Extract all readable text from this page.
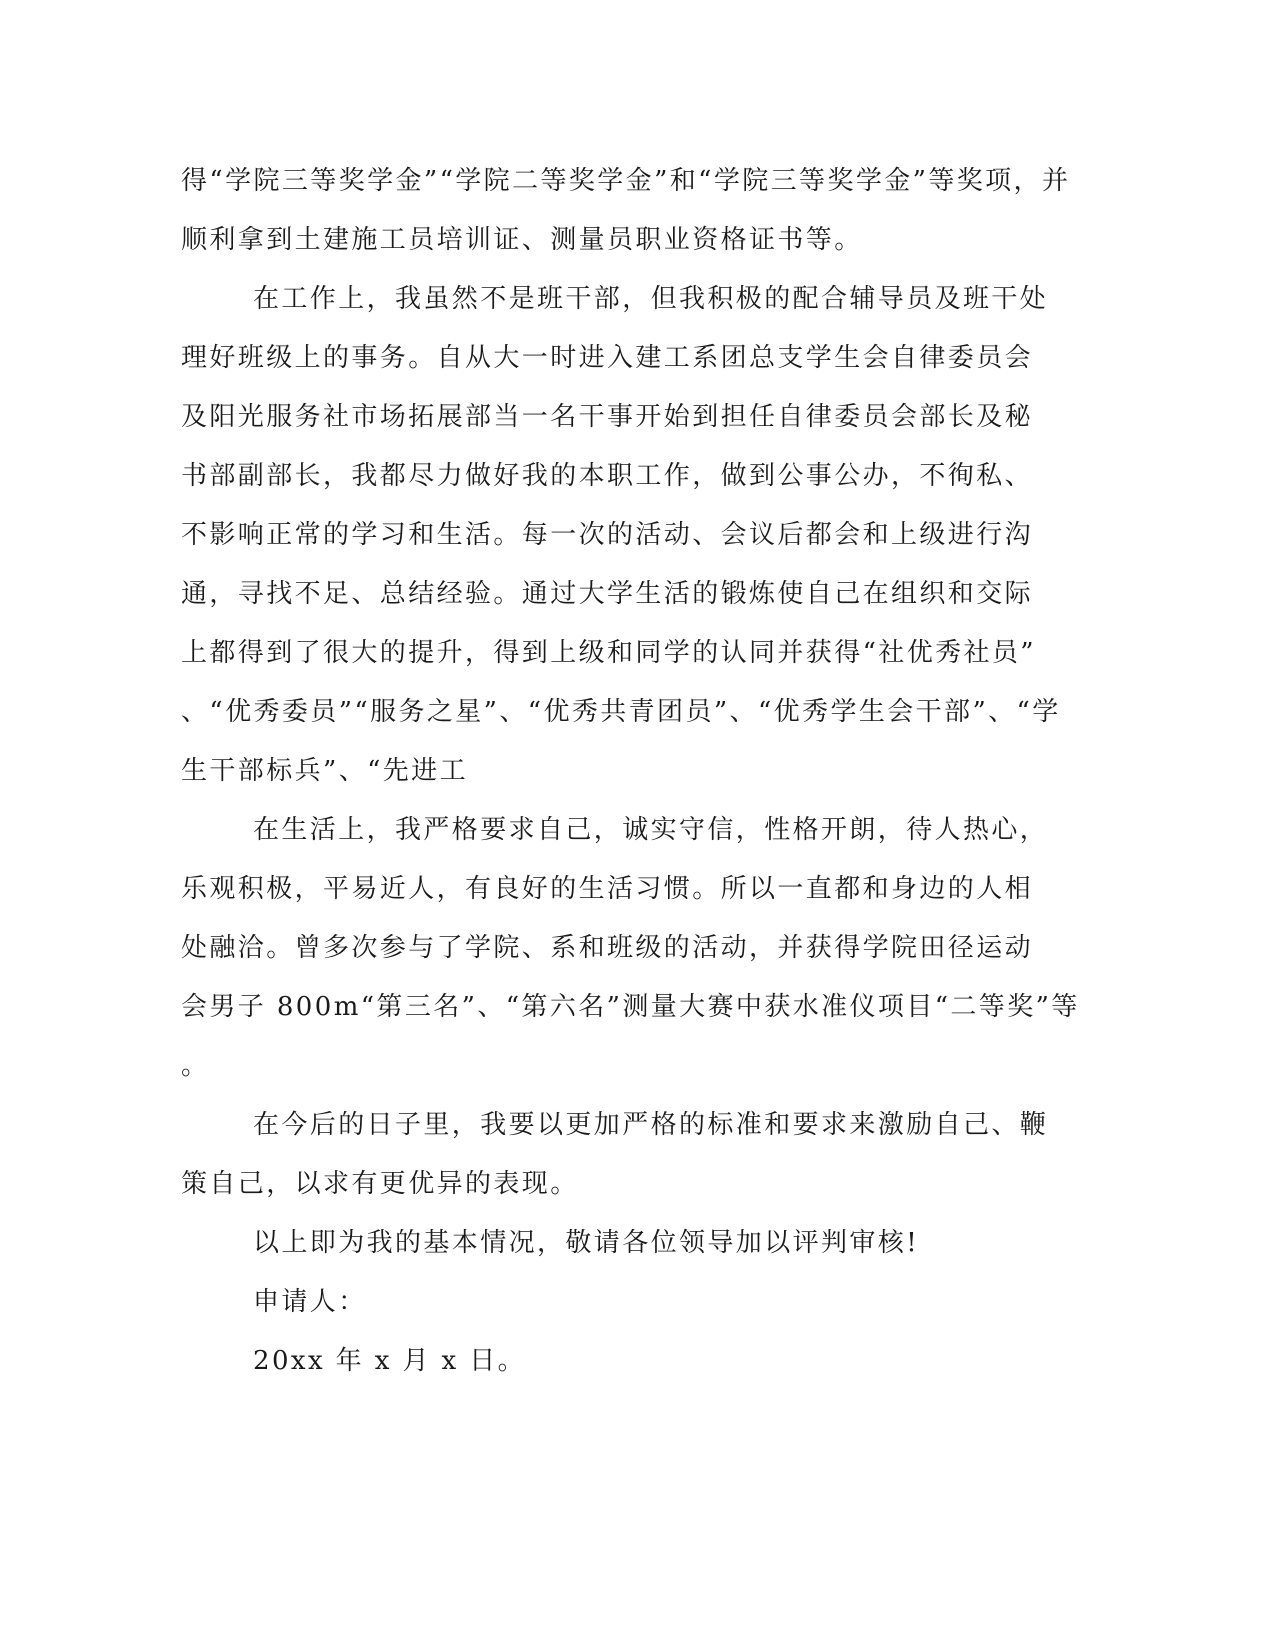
得“学院三等奖学金”“学院二等奖学金”和“学院三等奖学金”等奖项，并
顺利拿到土建施工员培训证、测量员职业资格证书等。
在工作上，我虽然不是班干部，但我积极的配合辅导员及班干处
理好班级上的事务。自从大一时进入建工系团总支学生会自律委员会
及阳光服务社市场拓展部当一名干事开始到担任自律委员会部长及秘
书部副部长，我都尽力做好我的本职工作，做到公事公办，不徇私、
不影响正常的学习和生活。每一次的活动、会议后都会和上级进行沟
通，寻找不足、总结经验。通过大学生活的锻炼使自己在组织和交际
上都得到了很大的提升，得到上级和同学的认同并获得“社优秀社员”
、“优秀委员”“服务之星”、“优秀共青团员”、“优秀学生会干部”、“学
生干部标兵”、“先进工
在生活上，我严格要求自己，诚实守信，性格开朗，待人热心，
乐观积极，平易近人，有良好的生活习惯。所以一直都和身边的人相
处融洽。曾多次参与了学院、系和班级的活动，并获得学院田径运动
会男子 800m“第三名”、“第六名”测量大赛中获水准仪项目“二等奖”等
。
在今后的日子里，我要以更加严格的标准和要求来激励自己、鞭
策自己，以求有更优异的表现。
以上即为我的基本情况，敬请各位领导加以评判审核!
申请人：
20xx 年 x 月 x 日。
